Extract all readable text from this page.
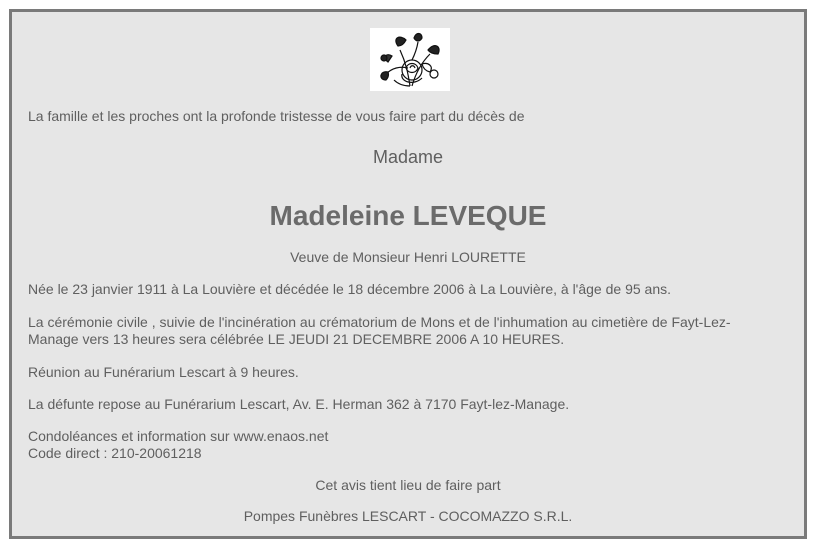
La famille et les proches ont la profonde tristesse de vous faire part du décès de
Madame
Madeleine LEVEQUE
Veuve de Monsieur Henri LOURETTE
Née le 23 janvier 1911 à La Louvière et décédée le 18 décembre 2006 à La Louvière, à l'âge de 95 ans.
La cérémonie civile , suivie de l'incinération au crématorium de Mons et de l'inhumation au cimetière de Fayt-Lez-
Manage vers 13 heures sera célébrée LE JEUDI 21 DECEMBRE 2006 A 10 HEURES.
Réunion au Funérarium Lescart à 9 heures.
La défunte repose au Funérarium Lescart, Av. E. Herman 362 à 7170 Fayt-lez-Manage.
Condoléances et information sur www.enaos.net
Code direct : 210-20061218
Cet avis tient lieu de faire part
Pompes Funèbres LESCART - COCOMAZZO S.R.L.
